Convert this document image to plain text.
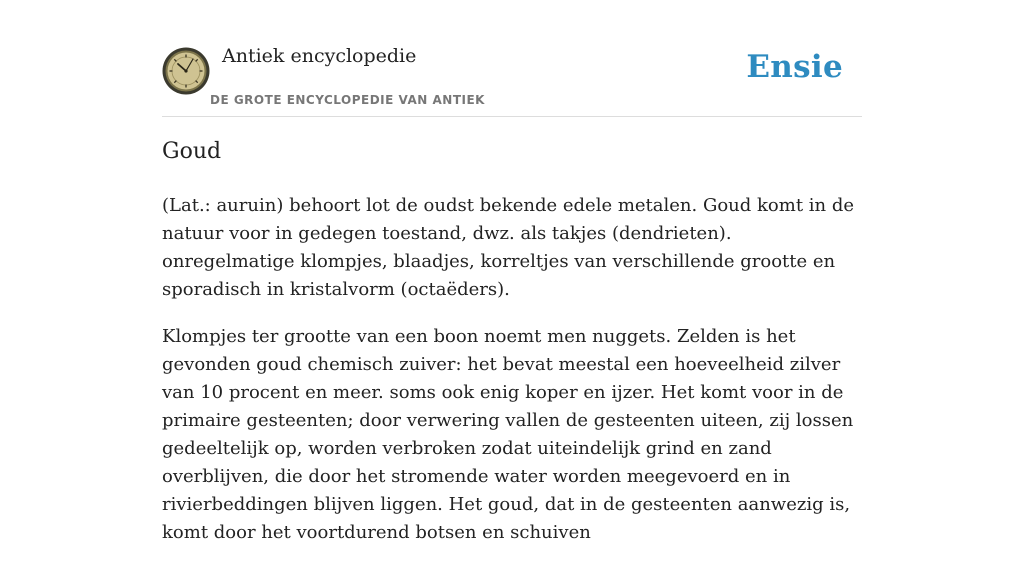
Antiek encyclopedie
DE GROTE ENCYCLOPEDIE VAN ANTIEK
Ensie
Goud

(Lat.: auruin) behoort lot de oudst bekende edele metalen. Goud komt in de natuur voor in gedegen toestand, dwz. als takjes (dendrieten). onregelmatige klompjes, blaadjes, korreltjes van verschillende grootte en sporadisch in kristalvorm (octaëders).

Klompjes ter grootte van een boon noemt men nuggets. Zelden is het gevonden goud chemisch zuiver: het bevat meestal een hoeveelheid zilver van 10 procent en meer. soms ook enig koper en ijzer. Het komt voor in de primaire gesteenten; door verwering vallen de gesteenten uiteen, zij lossen gedeeltelijk op, worden verbroken zodat uiteindelijk grind en zand overblijven, die door het stromende water worden meegevoerd en in rivierbeddingen blijven liggen. Het goud, dat in de gesteenten aanwezig is, komt door het voortdurend botsen en schuiven
